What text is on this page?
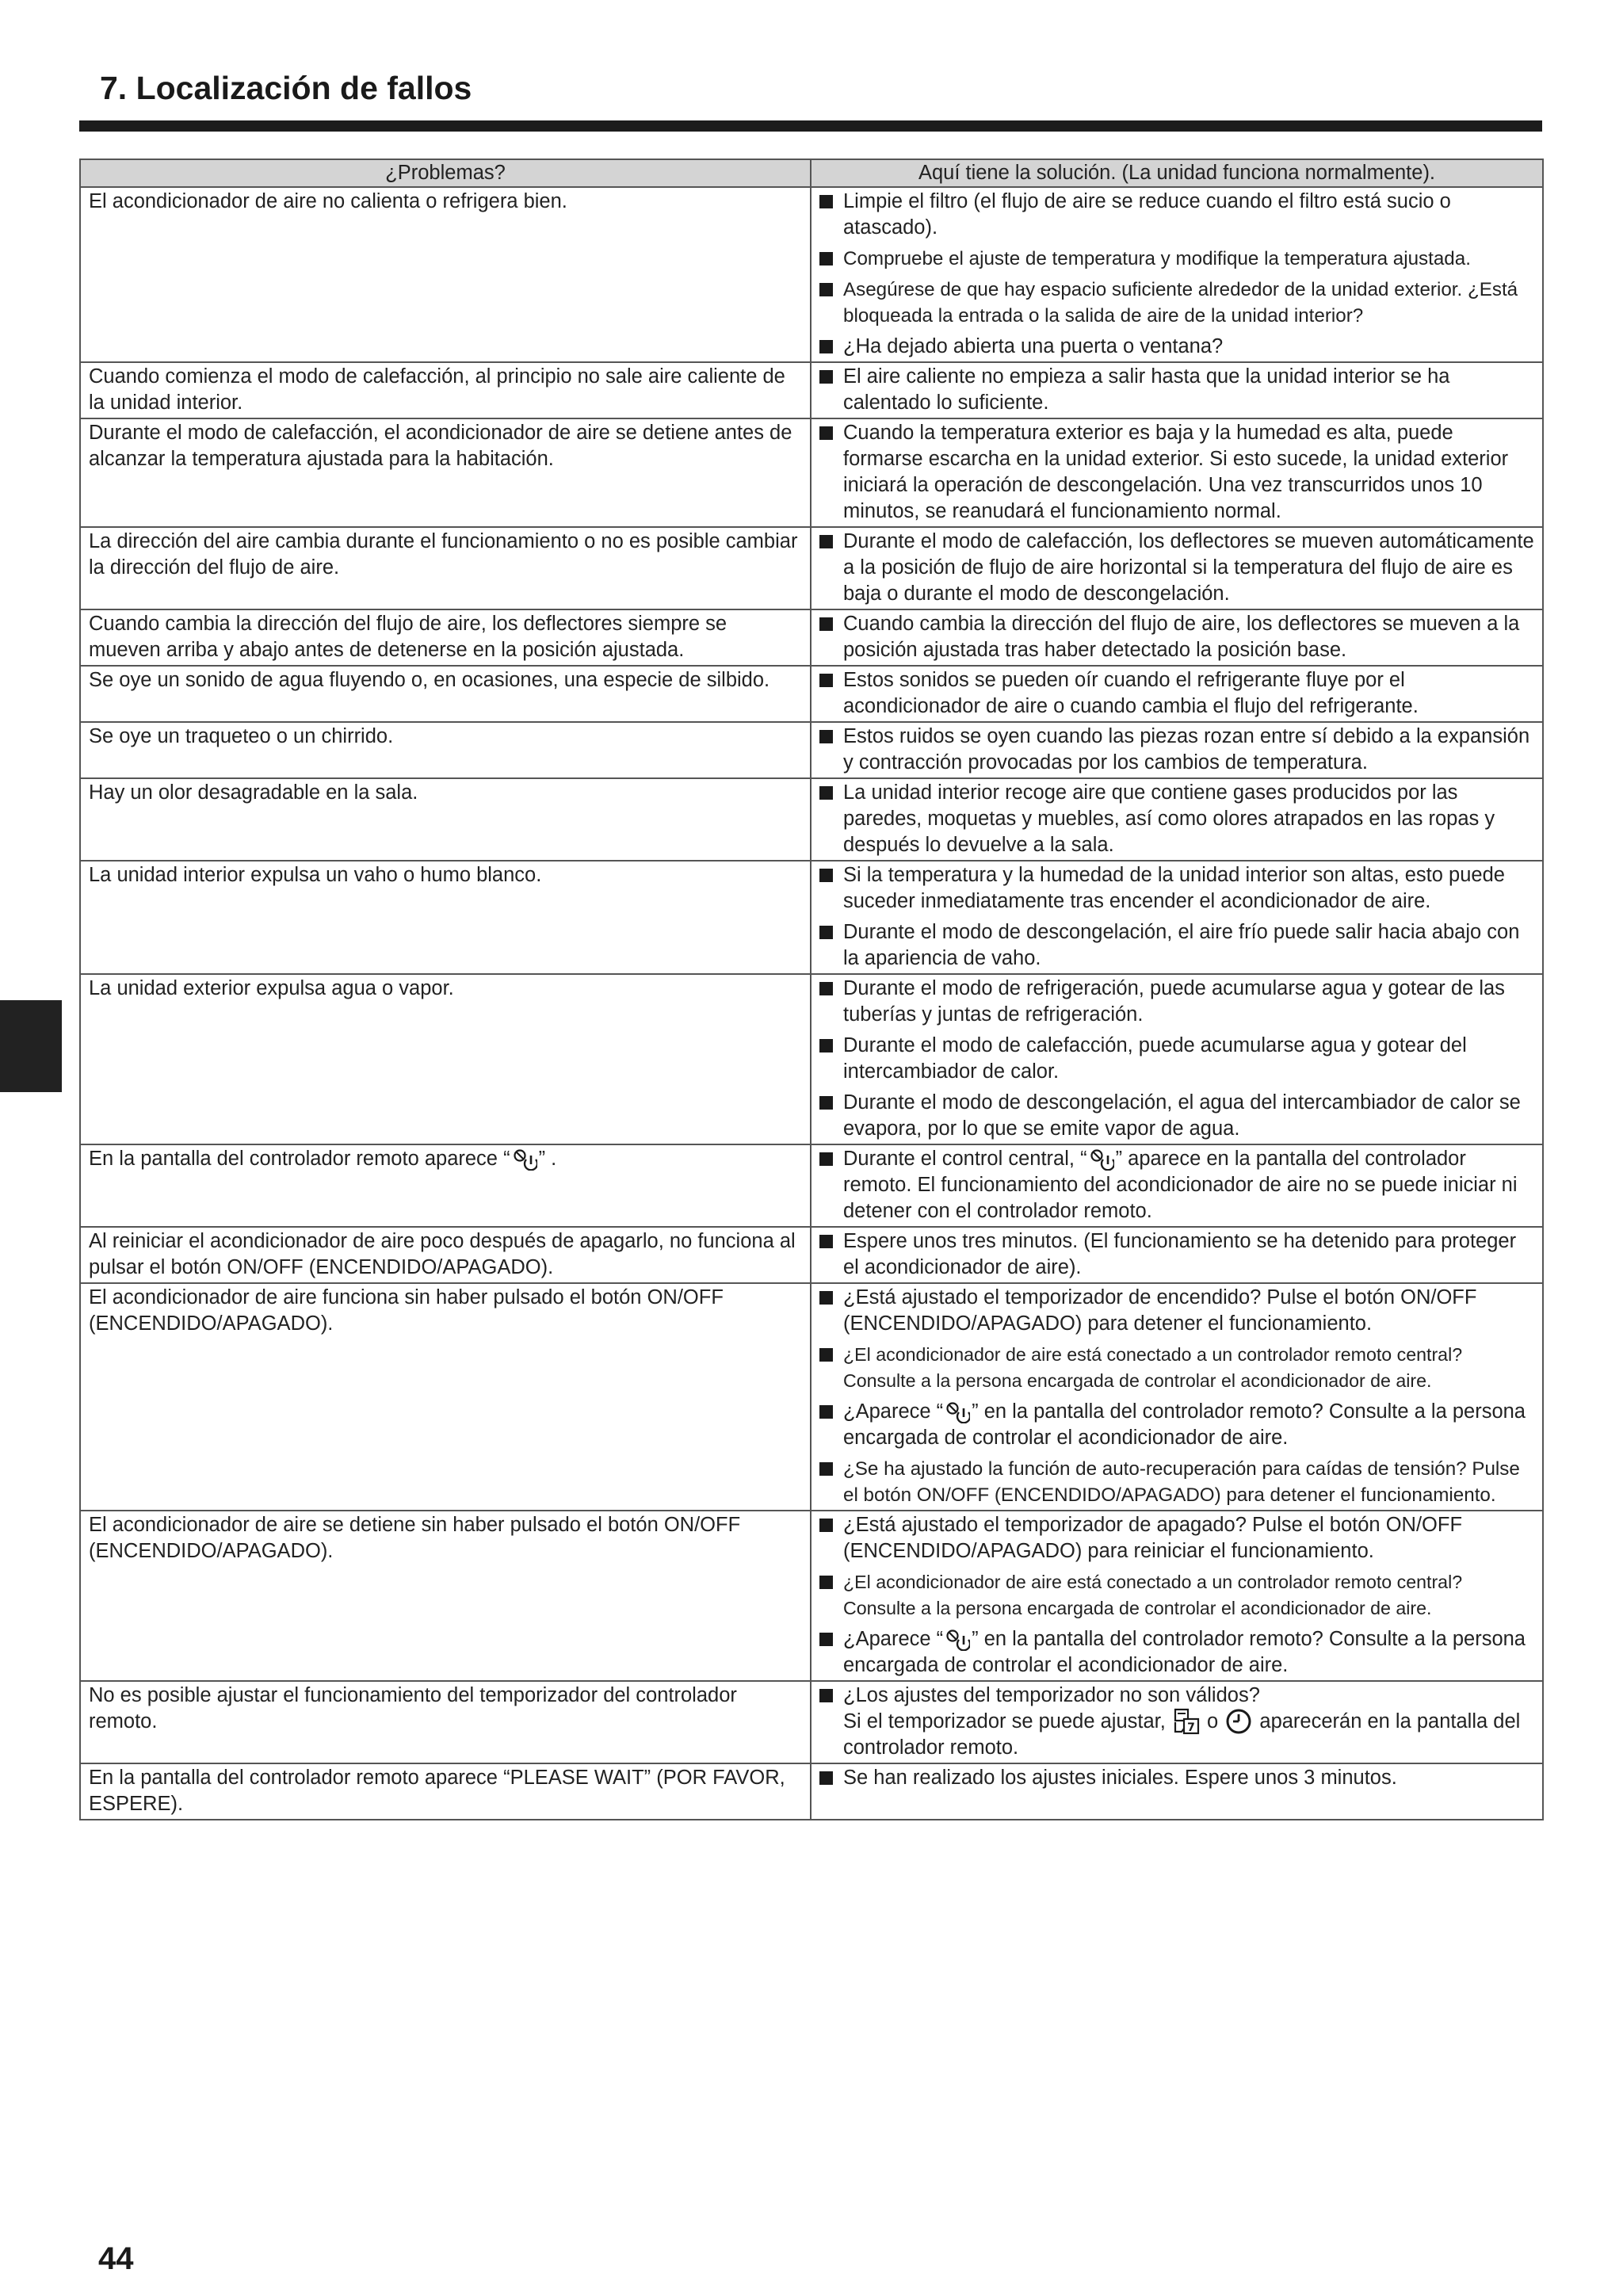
7. Localización de fallos
¿Problemas?	Aquí tiene la solución. (La unidad funciona normalmente).
El acondicionador de aire no calienta o refrigera bien.	Limpie el filtro (el flujo de aire se reduce cuando el filtro está sucio o atascado).
Compruebe el ajuste de temperatura y modifique la temperatura ajustada.
Asegúrese de que hay espacio suficiente alrededor de la unidad exterior. ¿Está bloqueada la entrada o la salida de aire de la unidad interior?
¿Ha dejado abierta una puerta o ventana?

Cuando comienza el modo de calefacción, al principio no sale aire caliente de la unidad interior.	El aire caliente no empieza a salir hasta que la unidad interior se ha calentado lo suficiente.

Durante el modo de calefacción, el acondicionador de aire se detiene antes de alcanzar la temperatura ajustada para la habitación.	Cuando la temperatura exterior es baja y la humedad es alta, puede formarse escarcha en la unidad exterior. Si esto sucede, la unidad exterior iniciará la operación de descongelación. Una vez transcurridos unos 10 minutos, se reanudará el funcionamiento normal.

La dirección del aire cambia durante el funcionamiento o no es posible cambiar la dirección del flujo de aire.	Durante el modo de calefacción, los deflectores se mueven automáticamente a la posición de flujo de aire horizontal si la temperatura del flujo de aire es baja o durante el modo de descongelación.

Cuando cambia la dirección del flujo de aire, los deflectores siempre se mueven arriba y abajo antes de detenerse en la posición ajustada.	Cuando cambia la dirección del flujo de aire, los deflectores se mueven a la posición ajustada tras haber detectado la posición base.

Se oye un sonido de agua fluyendo o, en ocasiones, una especie de silbido.	Estos sonidos se pueden oír cuando el refrigerante fluye por el acondicionador de aire o cuando cambia el flujo del refrigerante.

Se oye un traqueteo o un chirrido.	Estos ruidos se oyen cuando las piezas rozan entre sí debido a la expansión y contracción provocadas por los cambios de temperatura.

Hay un olor desagradable en la sala.	La unidad interior recoge aire que contiene gases producidos por las paredes, moquetas y muebles, así como olores atrapados en las ropas y después lo devuelve a la sala.

La unidad interior expulsa un vaho o humo blanco.	Si la temperatura y la humedad de la unidad interior son altas, esto puede suceder inmediatamente tras encender el acondicionador de aire.
Durante el modo de descongelación, el aire frío puede salir hacia abajo con la apariencia de vaho.

La unidad exterior expulsa agua o vapor.	Durante el modo de refrigeración, puede acumularse agua y gotear de las tuberías y juntas de refrigeración.
Durante el modo de calefacción, puede acumularse agua y gotear del intercambiador de calor.
Durante el modo de descongelación, el agua del intercambiador de calor se evapora, por lo que se emite vapor de agua.

En la pantalla del controlador remoto aparece “ ” .	Durante el control central, “ ” aparece en la pantalla del controlador remoto. El funcionamiento del acondicionador de aire no se puede iniciar ni detener con el controlador remoto.

Al reiniciar el acondicionador de aire poco después de apagarlo, no funciona al pulsar el botón ON/OFF (ENCENDIDO/APAGADO).	Espere unos tres minutos. (El funcionamiento se ha detenido para proteger el acondicionador de aire).

El acondicionador de aire funciona sin haber pulsado el botón ON/OFF (ENCENDIDO/APAGADO).	¿Está ajustado el temporizador de encendido? Pulse el botón ON/OFF (ENCENDIDO/APAGADO) para detener el funcionamiento.
¿El acondicionador de aire está conectado a un controlador remoto central? Consulte a la persona encargada de controlar el acondicionador de aire.
¿Aparece “ ” en la pantalla del controlador remoto? Consulte a la persona encargada de controlar el acondicionador de aire.
¿Se ha ajustado la función de auto-recuperación para caídas de tensión? Pulse el botón ON/OFF (ENCENDIDO/APAGADO) para detener el funcionamiento.

El acondicionador de aire se detiene sin haber pulsado el botón ON/OFF (ENCENDIDO/APAGADO).	¿Está ajustado el temporizador de apagado? Pulse el botón ON/OFF (ENCENDIDO/APAGADO) para reiniciar el funcionamiento.
¿El acondicionador de aire está conectado a un controlador remoto central? Consulte a la persona encargada de controlar el acondicionador de aire.
¿Aparece “ ” en la pantalla del controlador remoto? Consulte a la persona encargada de controlar el acondicionador de aire.

No es posible ajustar el funcionamiento del temporizador del controlador remoto.	¿Los ajustes del temporizador no son válidos?
Si el temporizador se puede ajustar, 7 o aparecerán en la pantalla del controlador remoto.

En la pantalla del controlador remoto aparece “PLEASE WAIT” (POR FAVOR, ESPERE).	Se han realizado los ajustes iniciales. Espere unos 3 minutos.
44
